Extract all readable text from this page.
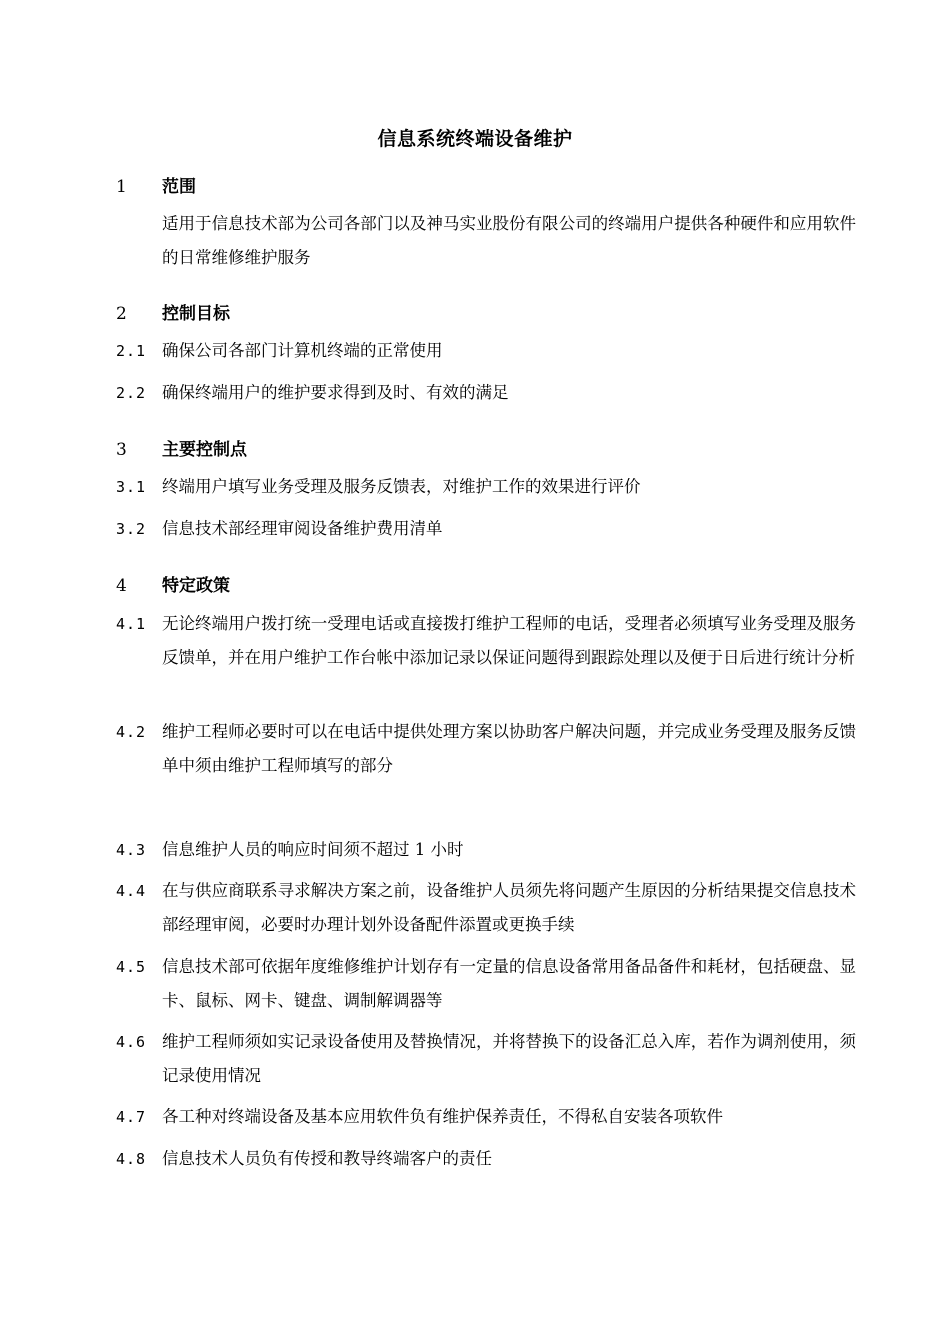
信息系统终端设备维护
1 范围
适用于信息技术部为公司各部门以及神马实业股份有限公司的终端用户提供各种硬件和应用软件的日常维修维护服务
2 控制目标
2.1 确保公司各部门计算机终端的正常使用
2.2 确保终端用户的维护要求得到及时、有效的满足
3 主要控制点
3.1 终端用户填写业务受理及服务反馈表，对维护工作的效果进行评价
3.2 信息技术部经理审阅设备维护费用清单
4 特定政策
4.1 无论终端用户拨打统一受理电话或直接拨打维护工程师的电话，受理者必须填写业务受理及服务反馈单，并在用户维护工作台帐中添加记录以保证问题得到跟踪处理以及便于日后进行统计分析
4.2 维护工程师必要时可以在电话中提供处理方案以协助客户解决问题，并完成业务受理及服务反馈单中须由维护工程师填写的部分
4.3 信息维护人员的响应时间须不超过 1 小时
4.4 在与供应商联系寻求解决方案之前，设备维护人员须先将问题产生原因的分析结果提交信息技术部经理审阅，必要时办理计划外设备配件添置或更换手续
4.5 信息技术部可依据年度维修维护计划存有一定量的信息设备常用备品备件和耗材，包括硬盘、显卡、鼠标、网卡、键盘、调制解调器等
4.6 维护工程师须如实记录设备使用及替换情况，并将替换下的设备汇总入库，若作为调剂使用，须记录使用情况
4.7 各工种对终端设备及基本应用软件负有维护保养责任，不得私自安装各项软件
4.8 信息技术人员负有传授和教导终端客户的责任
